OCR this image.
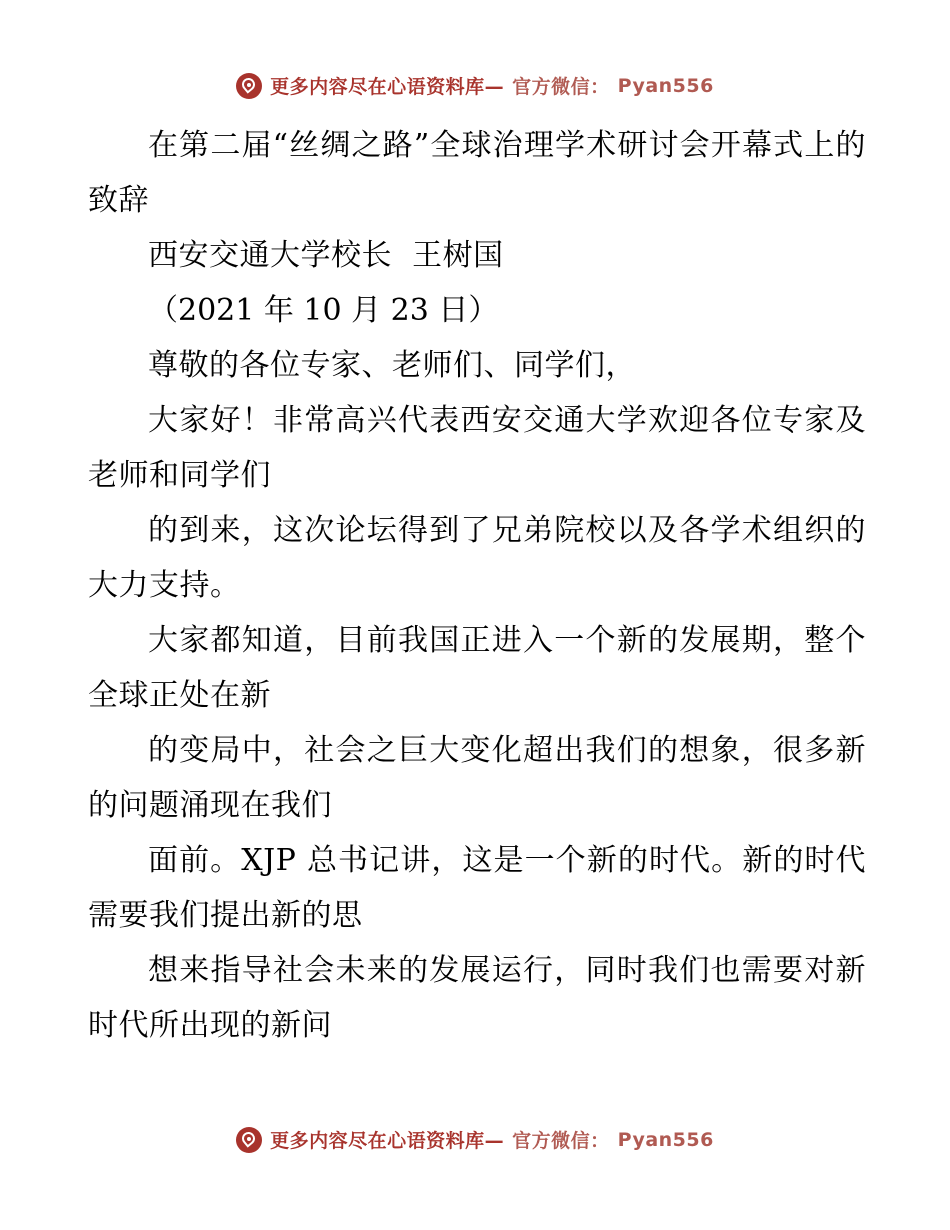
更多内容尽在心语资料库— 官方微信： Pyan556

在第二届“丝绸之路”全球治理学术研讨会开幕式上的致辞

西安交通大学校长  王树国

（2021 年 10 月 23 日）

尊敬的各位专家、老师们、同学们，

大家好！非常高兴代表西安交通大学欢迎各位专家及老师和同学们

的到来，这次论坛得到了兄弟院校以及各学术组织的大力支持。

大家都知道，目前我国正进入一个新的发展期，整个全球正处在新

的变局中，社会之巨大变化超出我们的想象，很多新的问题涌现在我们

面前。XJP 总书记讲，这是一个新的时代。新的时代需要我们提出新的思

想来指导社会未来的发展运行，同时我们也需要对新时代所出现的新问

更多内容尽在心语资料库— 官方微信： Pyan556
